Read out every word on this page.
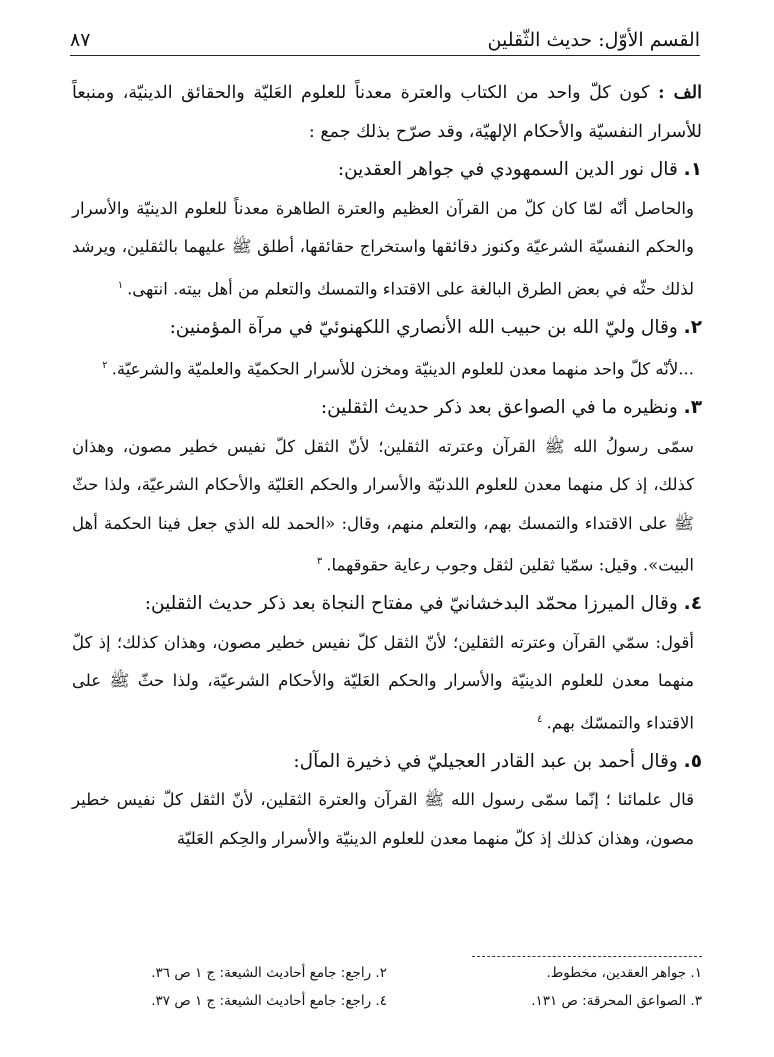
القسم الأوّل: حديث الثّقلين
٨٧

الف : كون كلّ واحد من الكتاب والعترة معدناً للعلوم العَليّة والحقائق الدينيّة، ومنبعاً للأسرار النفسيّة والأحكام الإلهيّة، وقد صرّح بذلك جمع :

١. قال نور الدين السمهودي في جواهر العقدين:

والحاصل أنّه لمّا كان كلّ من القرآن العظيم والعترة الطاهرة معدناً للعلوم الدينيّة والأسرار والحكم النفسيّة الشرعيّة وكنوز دقائقها واستخراج حقائقها، أطلق ﷺ عليهما بالثقلين، ويرشد لذلك حثّه في بعض الطرق البالغة على الاقتداء والتمسك والتعلم من أهل بيته. انتهى.$^١$

٢. وقال وليّ الله بن حبيب الله الأنصاري اللكهنوئيّ في مرآة المؤمنين:

...لأنّه كلّ واحد منهما معدن للعلوم الدينيّة ومخزن للأسرار الحكميّة والعلميّة والشرعيّة.$^٢$

٣. ونظيره ما في الصواعق بعد ذكر حديث الثقلين:

سمّى رسولُ الله ﷺ القرآن وعترته الثقلين؛ لأنّ الثقل كلّ نفيس خطير مصون، وهذان كذلك، إذ كل منهما معدن للعلوم اللدنيّة والأسرار والحكم العَليّة والأحكام الشرعيّة، ولذا حثّ ﷺ على الاقتداء والتمسك بهم، والتعلم منهم، وقال: «الحمد لله الذي جعل فينا الحكمة أهل البيت». وقيل: سمّيا ثقلين لثقل وجوب رعاية حقوقهما.$^٣$

٤. وقال الميرزا محمّد البدخشانيّ في مفتاح النجاة بعد ذكر حديث الثقلين:

أقول: سمّي القرآن وعترته الثقلين؛ لأنّ الثقل كلّ نفيس خطير مصون، وهذان كذلك؛ إذ كلّ منهما معدن للعلوم الدينيّة والأسرار والحكم العَليّة والأحكام الشرعيّة، ولذا حثّ ﷺ على الاقتداء والتمسّك بهم.$^٤$

٥. وقال أحمد بن عبد القادر العجيليّ في ذخيرة المآل:

قال علمائنا ؛ إنّما سمّى رسول الله ﷺ القرآن والعترة الثقلين، لأنّ الثقل كلّ نفيس خطير مصون، وهذان كذلك إذ كلّ منهما معدن للعلوم الدينيّة والأسرار والحِكم العَليّة

١. جواهر العقدين، مخطوط.
٢. راجع: جامع أحاديث الشيعة: ج ١ ص ٣٦.
٣. الصواعق المحرقة: ص ١٣١.
٤. راجع: جامع أحاديث الشيعة: ج ١ ص ٣٧.
